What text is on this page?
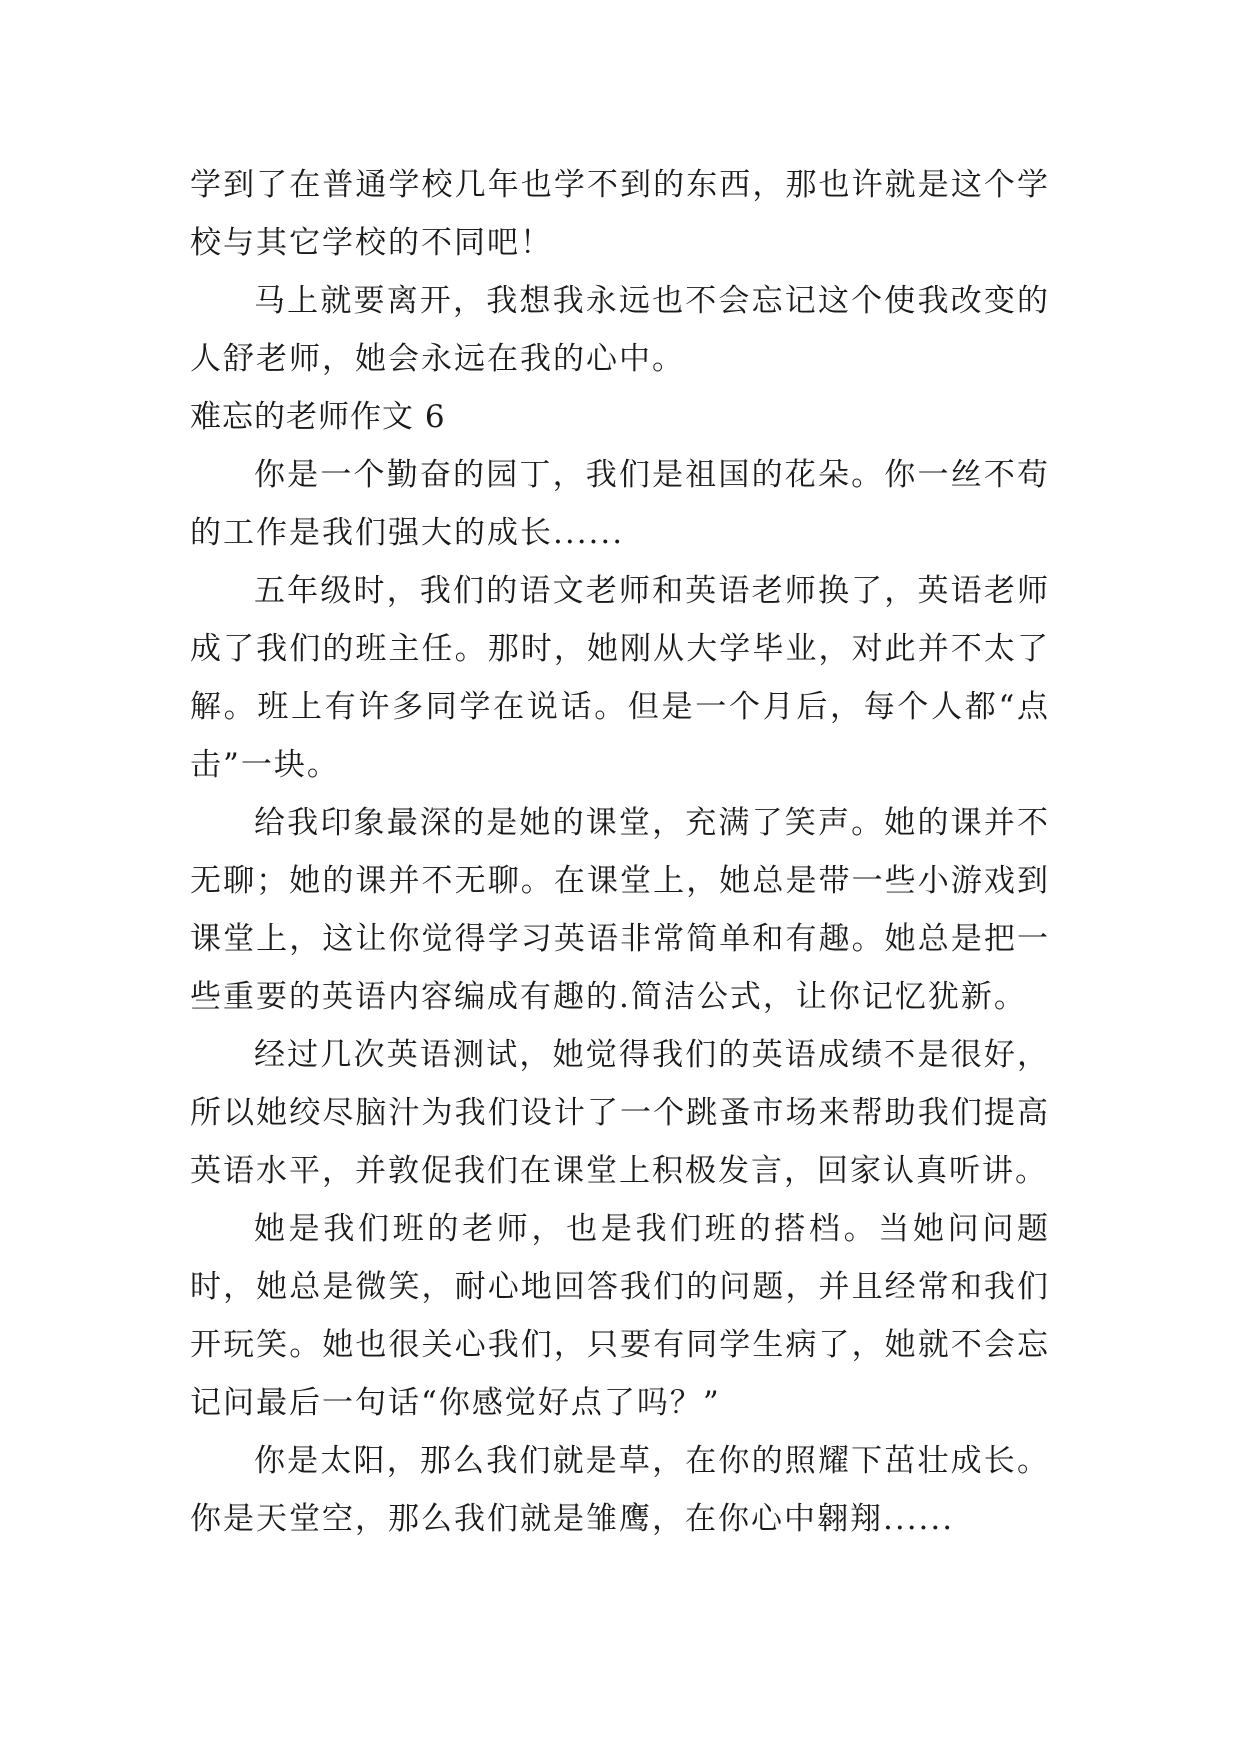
学到了在普通学校几年也学不到的东西，那也许就是这个学校与其它学校的不同吧！

马上就要离开，我想我永远也不会忘记这个使我改变的人舒老师，她会永远在我的心中。

难忘的老师作文 6

你是一个勤奋的园丁，我们是祖国的花朵。你一丝不苟的工作是我们强大的成长......

五年级时，我们的语文老师和英语老师换了，英语老师成了我们的班主任。那时，她刚从大学毕业，对此并不太了解。班上有许多同学在说话。但是一个月后，每个人都“点击”一块。

给我印象最深的是她的课堂，充满了笑声。她的课并不无聊；她的课并不无聊。在课堂上，她总是带一些小游戏到课堂上，这让你觉得学习英语非常简单和有趣。她总是把一些重要的英语内容编成有趣的.简洁公式，让你记忆犹新。

经过几次英语测试，她觉得我们的英语成绩不是很好，所以她绞尽脑汁为我们设计了一个跳蚤市场来帮助我们提高英语水平，并敦促我们在课堂上积极发言，回家认真听讲。

她是我们班的老师，也是我们班的搭档。当她问问题时，她总是微笑，耐心地回答我们的问题，并且经常和我们开玩笑。她也很关心我们，只要有同学生病了，她就不会忘记问最后一句话“你感觉好点了吗？”

你是太阳，那么我们就是草，在你的照耀下茁壮成长。你是天堂空，那么我们就是雏鹰，在你心中翱翔......
